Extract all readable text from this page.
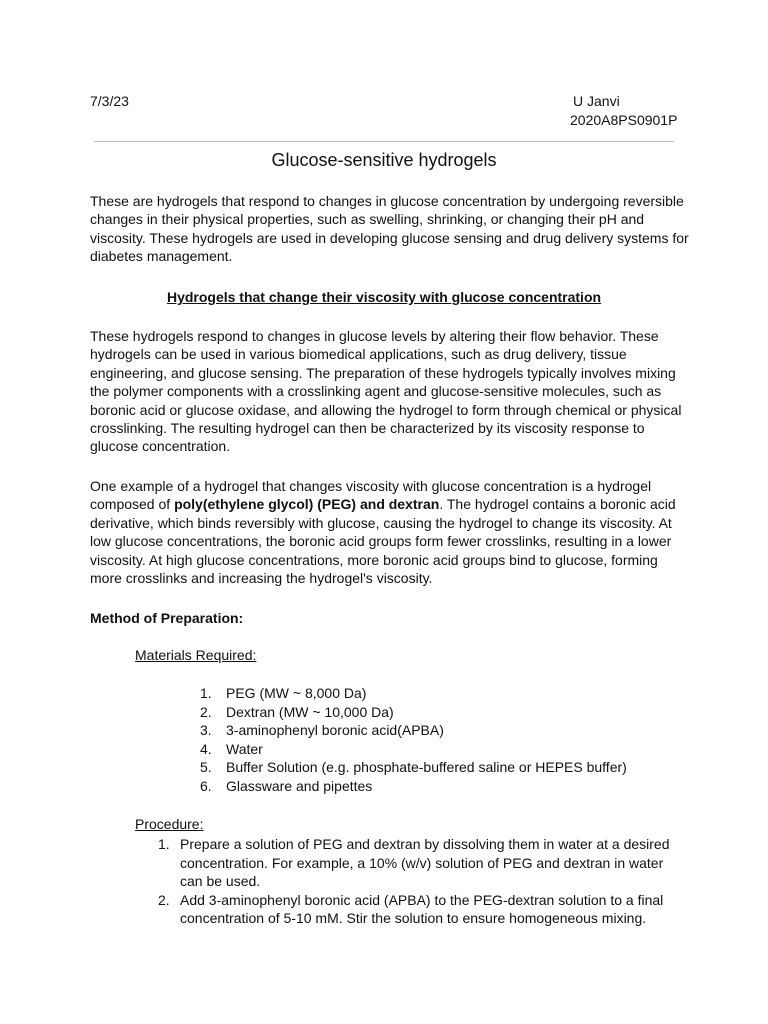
7/3/23	U Janvi
2020A8PS0901P
Glucose-sensitive hydrogels

These are hydrogels that respond to changes in glucose concentration by undergoing reversible changes in their physical properties, such as swelling, shrinking, or changing their pH and viscosity. These hydrogels are used in developing glucose sensing and drug delivery systems for diabetes management.

Hydrogels that change their viscosity with glucose concentration

These hydrogels respond to changes in glucose levels by altering their flow behavior. These hydrogels can be used in various biomedical applications, such as drug delivery, tissue engineering, and glucose sensing. The preparation of these hydrogels typically involves mixing the polymer components with a crosslinking agent and glucose-sensitive molecules, such as boronic acid or glucose oxidase, and allowing the hydrogel to form through chemical or physical crosslinking. The resulting hydrogel can then be characterized by its viscosity response to glucose concentration.

One example of a hydrogel that changes viscosity with glucose concentration is a hydrogel composed of poly(ethylene glycol) (PEG) and dextran. The hydrogel contains a boronic acid derivative, which binds reversibly with glucose, causing the hydrogel to change its viscosity. At low glucose concentrations, the boronic acid groups form fewer crosslinks, resulting in a lower viscosity. At high glucose concentrations, more boronic acid groups bind to glucose, forming more crosslinks and increasing the hydrogel's viscosity.

Method of Preparation:
Materials Required:
1. PEG (MW ~ 8,000 Da)
2. Dextran (MW ~ 10,000 Da)
3. 3-aminophenyl boronic acid(APBA)
4. Water
5. Buffer Solution (e.g. phosphate-buffered saline or HEPES buffer)
6. Glassware and pipettes
Procedure:
1. Prepare a solution of PEG and dextran by dissolving them in water at a desired concentration. For example, a 10% (w/v) solution of PEG and dextran in water can be used.
2. Add 3-aminophenyl boronic acid (APBA) to the PEG-dextran solution to a final concentration of 5-10 mM. Stir the solution to ensure homogeneous mixing.
